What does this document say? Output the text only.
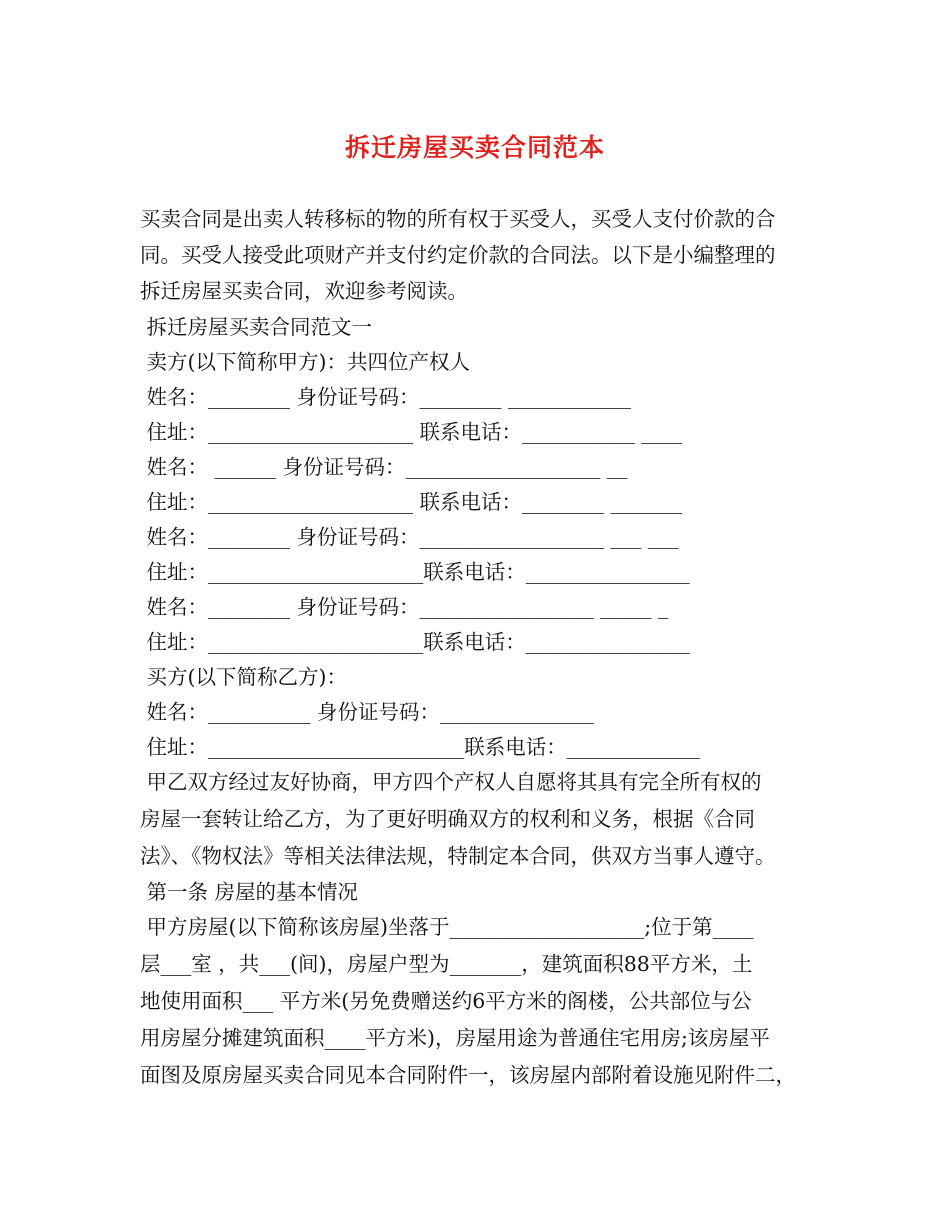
拆迁房屋买卖合同范本
买卖合同是出卖人转移标的物的所有权于买受人，买受人支付价款的合
同。买受人接受此项财产并支付约定价款的合同法。以下是小编整理的
拆迁房屋买卖合同，欢迎参考阅读。
拆迁房屋买卖合同范文一
卖方(以下简称甲方)：共四位产权人
姓名：________ 身份证号码：________ ____________
住址：____________________ 联系电话：___________ ____
姓名： ______ 身份证号码：___________________ __
住址：____________________ 联系电话：________ _______
姓名：________ 身份证号码：__________________ ___ ___
住址：_____________________联系电话：________________
姓名：________ 身份证号码：_________________ _____ _
住址：_____________________联系电话：________________
买方(以下简称乙方)：
姓名：__________ 身份证号码：_______________
住址：_________________________联系电话：_____________
甲乙双方经过友好协商，甲方四个产权人自愿将其具有完全所有权的
房屋一套转让给乙方，为了更好明确双方的权利和义务，根据《合同
法》、《物权法》等相关法律法规，特制定本合同，供双方当事人遵守。
第一条 房屋的基本情况
甲方房屋(以下简称该房屋)坐落于___________________;位于第____
层___室 ，共___(间)，房屋户型为_______，建筑面积88平方米，土
地使用面积___ 平方米(另免费赠送约6平方米的阁楼，公共部位与公
用房屋分摊建筑面积____平方米)，房屋用途为普通住宅用房;该房屋平
面图及原房屋买卖合同见本合同附件一，该房屋内部附着设施见附件二，
